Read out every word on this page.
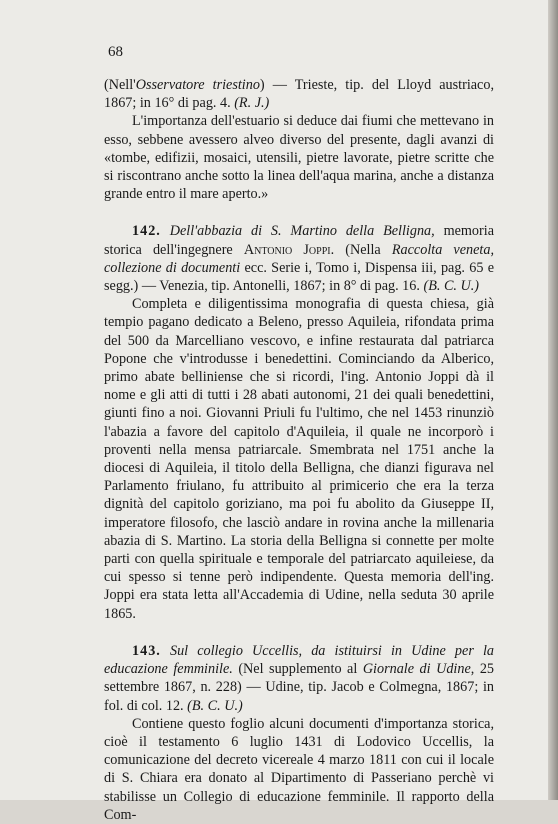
68

(Nell'Osservatore triestino) — Trieste, tip. del Lloyd austriaco, 1867; in 16° di pag. 4. (R. J.)

L'importanza dell'estuario si deduce dai fiumi che mettevano in esso, sebbene avessero alveo diverso del presente, dagli avanzi di «tombe, edifizii, mosaici, utensili, pietre lavorate, pietre scritte che si riscontrano anche sotto la linea dell'aqua marina, anche a distanza grande entro il mare aperto.»

142. Dell'abbazia di S. Martino della Belligna, memoria storica dell'ingegnere Antonio Joppi. (Nella Raccolta veneta, collezione di documenti ecc. Serie i, Tomo i, Dispensa iii, pag. 65 e segg.) — Venezia, tip. Antonelli, 1867; in 8° di pag. 16. (B. C. U.)

Completa e diligentissima monografia di questa chiesa, già tempio pagano dedicato a Beleno, presso Aquileia, rifondata prima del 500 da Marcelliano vescovo, e infine restaurata dal patriarca Popone che v'introdusse i benedettini. Cominciando da Alberico, primo abate belliniense che si ricordi, l'ing. Antonio Joppi dà il nome e gli atti di tutti i 28 abati autonomi, 21 dei quali benedettini, giunti fino a noi. Giovanni Priuli fu l'ultimo, che nel 1453 rinunziò l'abazia a favore del capitolo d'Aquileia, il quale ne incorporò i proventi nella mensa patriarcale. Smembrata nel 1751 anche la diocesi di Aquileia, il titolo della Belligna, che dianzi figurava nel Parlamento friulano, fu attribuito al primicerio che era la terza dignità del capitolo goriziano, ma poi fu abolito da Giuseppe II, imperatore filosofo, che lasciò andare in rovina anche la millenaria abazia di S. Martino. La storia della Belligna si connette per molte parti con quella spirituale e temporale del patriarcato aquileiese, da cui spesso si tenne però indipendente. Questa memoria dell'ing. Joppi era stata letta all'Accademia di Udine, nella seduta 30 aprile 1865.

143. Sul collegio Uccellis, da istituirsi in Udine per la educazione femminile. (Nel supplemento al Giornale di Udine, 25 settembre 1867, n. 228) — Udine, tip. Jacob e Colmegna, 1867; in fol. di col. 12. (B. C. U.)

Contiene questo foglio alcuni documenti d'importanza storica, cioè il testamento 6 luglio 1431 di Lodovico Uccellis, la comunicazione del decreto vicereale 4 marzo 1811 con cui il locale di S. Chiara era donato al Dipartimento di Passeriano perchè vi stabilisse un Collegio di educazione femminile. Il rapporto della Com-
